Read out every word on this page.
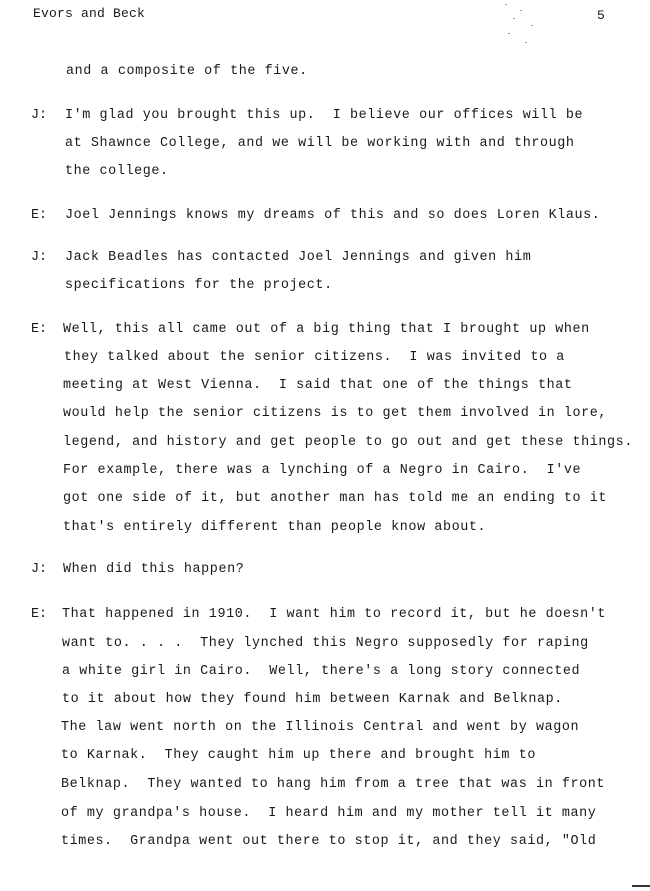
Evors and Beck	5
and a composite of the five.
J: I'm glad you brought this up.  I believe our offices will be
at Shawnce College, and we will be working with and through
the college.
E: Joel Jennings knows my dreams of this and so does Loren Klaus.
J: Jack Beadles has contacted Joel Jennings and given him
specifications for the project.
E: Well, this all came out of a big thing that I brought up when
they talked about the senior citizens.  I was invited to a
meeting at West Vienna.  I said that one of the things that
would help the senior citizens is to get them involved in lore,
legend, and history and get people to go out and get these things.
For example, there was a lynching of a Negro in Cairo.  I've
got one side of it, but another man has told me an ending to it
that's entirely different than people know about.
J: When did this happen?
E: That happened in 1910.  I want him to record it, but he doesn't
want to. . . .  They lynched this Negro supposedly for raping
a white girl in Cairo.  Well, there's a long story connected
to it about how they found him between Karnak and Belknap.
The law went north on the Illinois Central and went by wagon
to Karnak.  They caught him up there and brought him to
Belknap.  They wanted to hang him from a tree that was in front
of my grandpa's house.  I heard him and my mother tell it many
times.  Grandpa went out there to stop it, and they said, "Old
